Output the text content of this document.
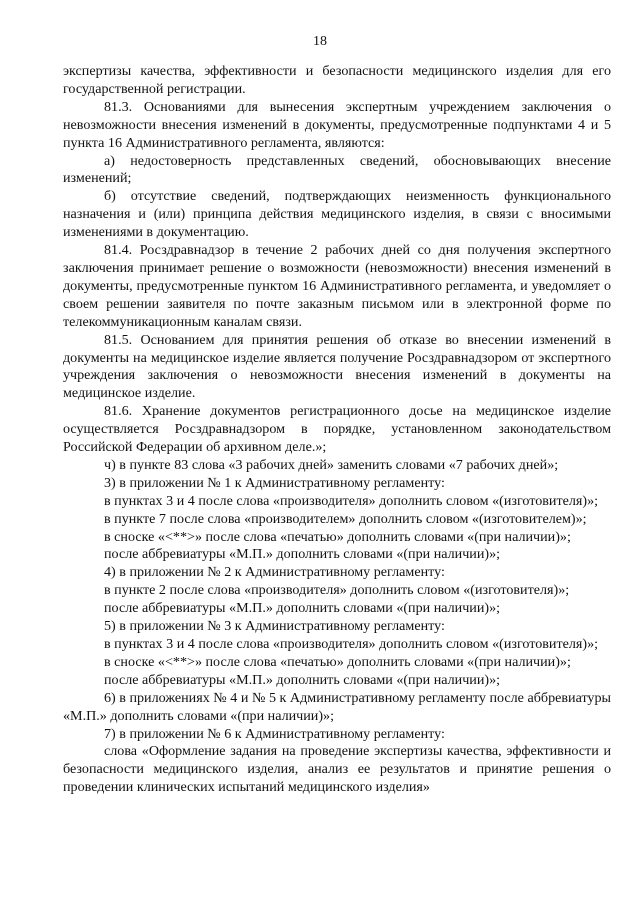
18

экспертизы качества, эффективности и безопасности медицинского изделия для его государственной регистрации.

81.3. Основаниями для вынесения экспертным учреждением заключения о невозможности внесения изменений в документы, предусмотренные подпунктами 4 и 5 пункта 16 Административного регламента, являются:

а) недостоверность представленных сведений, обосновывающих внесение изменений;

б) отсутствие сведений, подтверждающих неизменность функционального назначения и (или) принципа действия медицинского изделия, в связи с вносимыми изменениями в документацию.

81.4. Росздравнадзор в течение 2 рабочих дней со дня получения экспертного заключения принимает решение о возможности (невозможности) внесения изменений в документы, предусмотренные пунктом 16 Административного регламента, и уведомляет о своем решении заявителя по почте заказным письмом или в электронной форме по телекоммуникационным каналам связи.

81.5. Основанием для принятия решения об отказе во внесении изменений в документы на медицинское изделие является получение Росздравнадзором от экспертного учреждения заключения о невозможности внесения изменений в документы на медицинское изделие.

81.6. Хранение документов регистрационного досье на медицинское изделие осуществляется Росздравнадзором в порядке, установленном законодательством Российской Федерации об архивном деле.»;

ч) в пункте 83 слова «3 рабочих дней» заменить словами «7 рабочих дней»;

3) в приложении № 1 к Административному регламенту:

в пунктах 3 и 4 после слова «производителя» дополнить словом «(изготовителя)»;

в пункте 7 после слова «производителем» дополнить словом «(изготовителем)»;

в сноске «<**>» после слова «печатью» дополнить словами «(при наличии)»;

после аббревиатуры «М.П.» дополнить словами «(при наличии)»;

4) в приложении № 2 к Административному регламенту:

в пункте 2 после слова «производителя» дополнить словом «(изготовителя)»;

после аббревиатуры «М.П.» дополнить словами «(при наличии)»;

5) в приложении № 3 к Административному регламенту:

в пунктах 3 и 4 после слова «производителя» дополнить словом «(изготовителя)»;

в сноске «<**>» после слова «печатью» дополнить словами «(при наличии)»;

после аббревиатуры «М.П.» дополнить словами «(при наличии)»;

6) в приложениях № 4 и № 5 к Административному регламенту после аббревиатуры «М.П.» дополнить словами «(при наличии)»;

7) в приложении № 6 к Административному регламенту:

слова «Оформление задания на проведение экспертизы качества, эффективности и безопасности медицинского изделия, анализ ее результатов и принятие решения о проведении клинических испытаний медицинского изделия»
